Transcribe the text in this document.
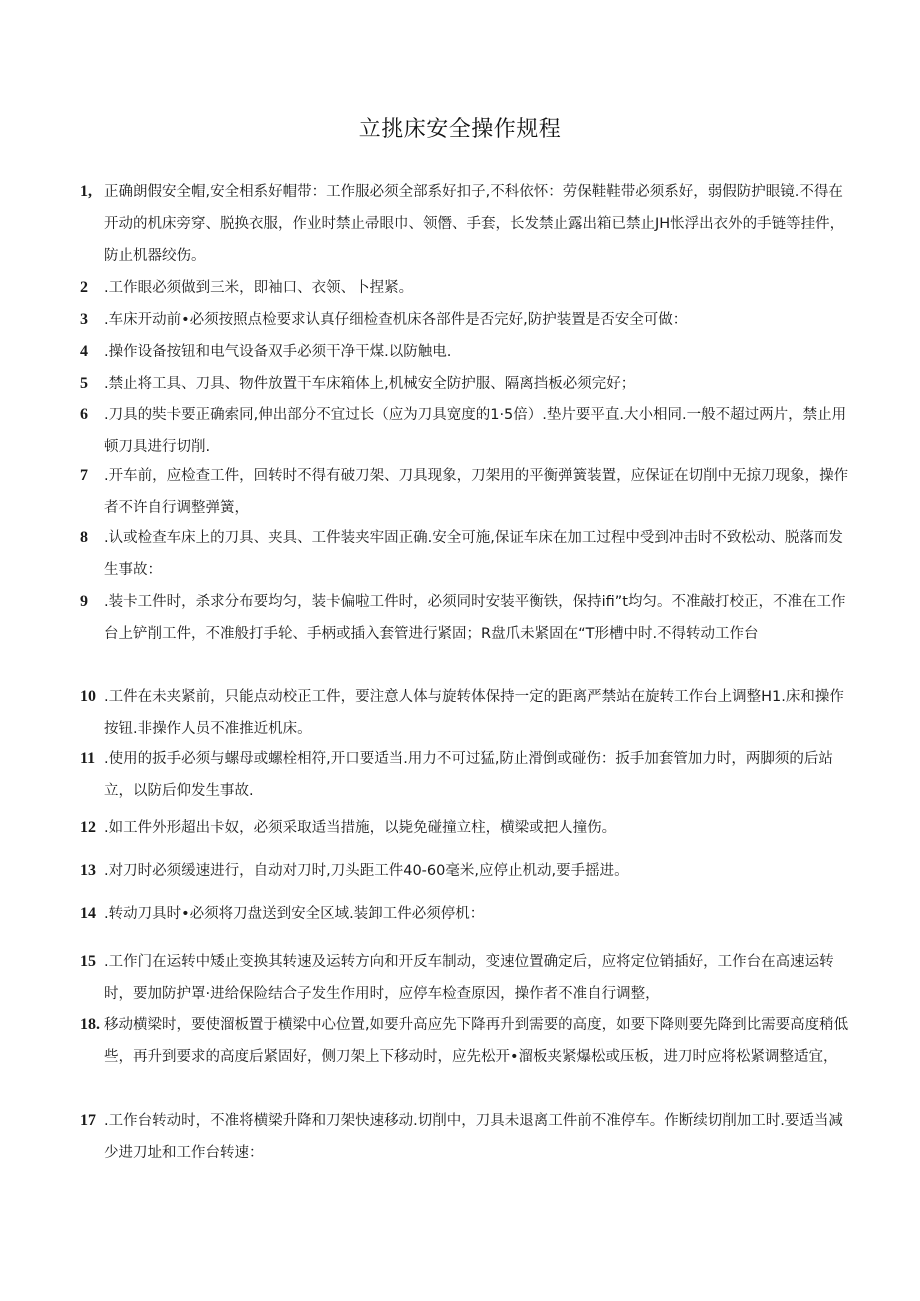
立挑床安全操作规程
1, 正确朗假安全帽,安全相系好帽带：工作服必须全部系好扣子,不科依怀：劳保鞋鞋带必须系好，弱假防护眼镜.不得在开动的机床旁穿、脱换衣服，作业时禁止帚眼巾、领僭、手套，长发禁止露出箱已禁止JH怅浮出衣外的手链等挂件，防止机器绞伤。
2	.工作眼必须做到三米，即袖口、衣领、卜捏紧。
3	.车床开动前•必须按照点检要求认真仔细检查机床各部件是否完好,防护装置是否安全可做：
4	.操作设备按钮和电气设备双手必须干净干煤.以防触电.
5	.禁止将工具、刀具、物件放置干车床箱体上,机械安全防护服、隔离挡板必须完好；
6	.刀具的奘卡要正确索同,伸出部分不宜过长（应为刀具宽度的1·5倍）.垫片要平直.大小相同.一般不超过两片，禁止用顿刀具进行切削.
7	.开车前，应检查工件，回转时不得有破刀架、刀具现象，刀架用的平衡弹簧装置，应保证在切削中无掠刀现象，操作者不许自行调整弹簧，
8	.认或检查车床上的刀具、夹具、工件装夹牢固正确.安全可施,保证车床在加工过程中受到冲击时不致松动、脱落而发生事故：
9	.装卡工件时，杀求分布要均匀，装卡偏啦工件时，必须同时安装平衡铁，保持ifi”t均匀。不准敲打校正，不准在工作台上铲削工件，不准般打手轮、手柄或插入套管进行紧固；R盘爪未紧固在“T形槽中时.不得转动工作台
10 .工件在未夹紧前，只能点动校正工件，要注意人体与旋转体保持一定的距离严禁站在旋转工作台上调整H1.床和操作按钮.非操作人员不准推近机床。
11 .使用的扳手必须与螺母或螺栓相符,开口要适当.用力不可过猛,防止滑倒或碰伤：扳手加套管加力时，两脚须的后站立，以防后仰发生事故.
12 .如工件外形超出卡奴，必须采取适当措施，以毙免碰撞立柱，横梁或把人撞伤。
13 .对刀时必须缓速进行，自动对刀时,刀头距工件40-60毫米,应停止机动,要手摇进。
14 .转动刀具时•必须将刀盘送到安全区域.装卸工件必须停机：
15 .工作门在运转中矮止变换其转速及运转方向和开反车制动，变速位置确定后，应将定位销插好，工作台在高速运转时，要加防护罩·进给保险结合子发生作用时，应停车检查原因，操作者不准自行调整，
18. 移动横梁时，要使溜板置于横梁中心位置,如要升高应先下降再升到需要的高度，如要下降则要先降到比需要高度稍低些，再升到要求的高度后紧固好，侧刀架上下移动时，应先松开•溜板夹紧爆松或压板，进刀时应将松紧调整适宜，
17 .工作台转动时，不准将横梁升降和刀架快速移动.切削中，刀具未退离工件前不准停车。作断续切削加工时.要适当减少进刀址和工作台转速：
